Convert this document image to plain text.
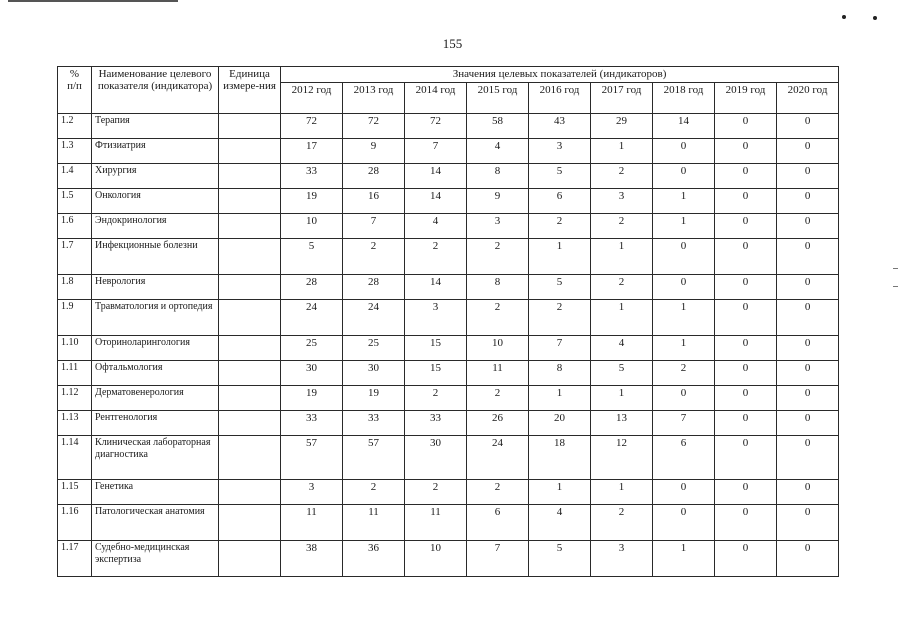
155
%
п/п	Наименование целевого показателя (индикатора)	Единица измере-ния	Значения целевых показателей (индикаторов)								
			2012 год	2013 год	2014 год	2015 год	2016 год	2017 год	2018 год	2019 год	2020 год
1.2	Терапия		72	72	72	58	43	29	14	0	0
1.3	Фтизиатрия		17	9	7	4	3	1	0	0	0
1.4	Хирургия		33	28	14	8	5	2	0	0	0
1.5	Онкология		19	16	14	9	6	3	1	0	0
1.6	Эндокринология		10	7	4	3	2	2	1	0	0
1.7	Инфекционные болезни		5	2	2	2	1	1	0	0	0
1.8	Неврология		28	28	14	8	5	2	0	0	0
1.9	Травматология и ортопедия		24	24	3	2	2	1	1	0	0
1.10	Оториноларингология		25	25	15	10	7	4	1	0	0
1.11	Офтальмология		30	30	15	11	8	5	2	0	0
1.12	Дерматовенерология		19	19	2	2	1	1	0	0	0
1.13	Рентгенология		33	33	33	26	20	13	7	0	0
1.14	Клиническая лабораторная диагностика		57	57	30	24	18	12	6	0	0
1.15	Генетика		3	2	2	2	1	1	0	0	0
1.16	Патологическая анатомия		11	11	11	6	4	2	0	0	0
1.17	Судебно-медицинская экспертиза		38	36	10	7	5	3	1	0	0
